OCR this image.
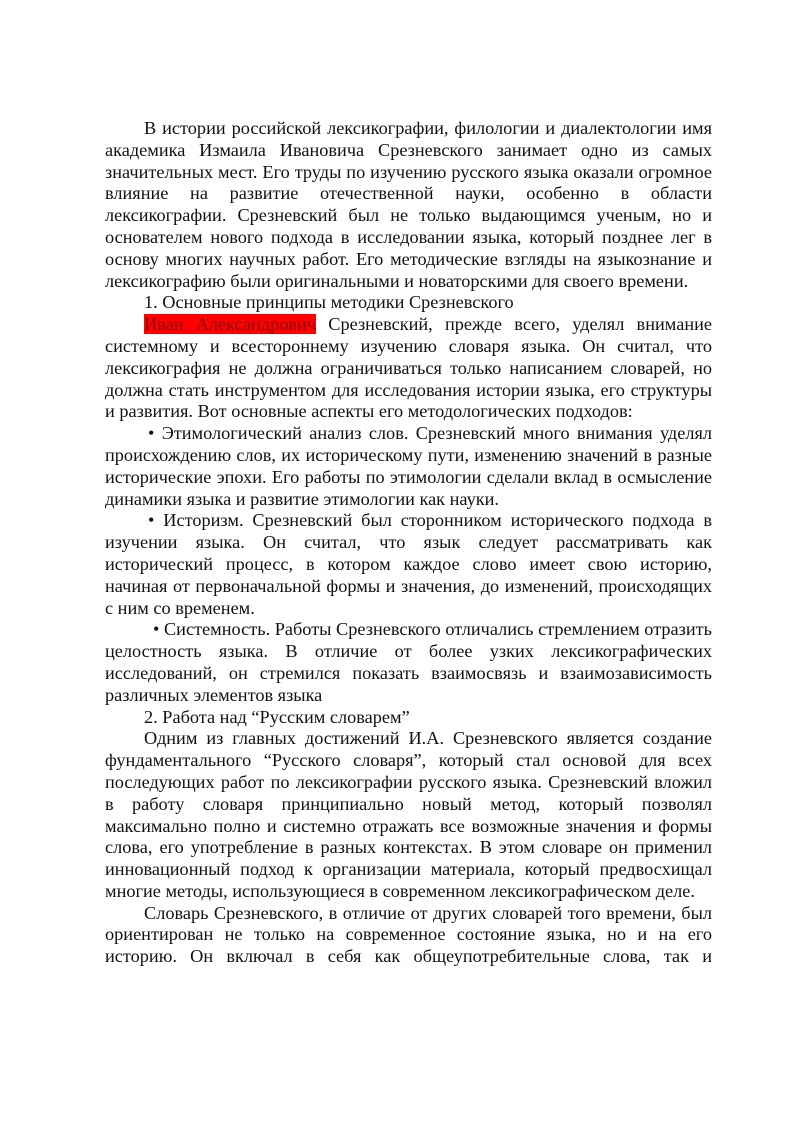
В истории российской лексикографии, филологии и диалектологии имя академика Измаила Ивановича Срезневского занимает одно из самых значительных мест. Его труды по изучению русского языка оказали огромное влияние на развитие отечественной науки, особенно в области лексикографии. Срезневский был не только выдающимся ученым, но и основателем нового подхода в исследовании языка, который позднее лег в основу многих научных работ. Его методические взгляды на языкознание и лексикографию были оригинальными и новаторскими для своего времени.

1. Основные принципы методики Срезневского

Иван Александрович Срезневский, прежде всего, уделял внимание системному и всестороннему изучению словаря языка. Он считал, что лексикография не должна ограничиваться только написанием словарей, но должна стать инструментом для исследования истории языка, его структуры и развития. Вот основные аспекты его методологических подходов:

• Этимологический анализ слов. Срезневский много внимания уделял происхождению слов, их историческому пути, изменению значений в разные исторические эпохи. Его работы по этимологии сделали вклад в осмысление динамики языка и развитие этимологии как науки.

• Историзм. Срезневский был сторонником исторического подхода в изучении языка. Он считал, что язык следует рассматривать как исторический процесс, в котором каждое слово имеет свою историю, начиная от первоначальной формы и значения, до изменений, происходящих с ним со временем.

• Системность. Работы Срезневского отличались стремлением отразить целостность языка. В отличие от более узких лексикографических исследований, он стремился показать взаимосвязь и взаимозависимость различных элементов языка

2. Работа над “Русским словарем”

Одним из главных достижений И.А. Срезневского является создание фундаментального “Русского словаря”, который стал основой для всех последующих работ по лексикографии русского языка. Срезневский вложил в работу словаря принципиально новый метод, который позволял максимально полно и системно отражать все возможные значения и формы слова, его употребление в разных контекстах. В этом словаре он применил инновационный подход к организации материала, который предвосхищал многие методы, использующиеся в современном лексикографическом деле.

Словарь Срезневского, в отличие от других словарей того времени, был ориентирован не только на современное состояние языка, но и на его историю. Он включал в себя как общеупотребительные слова, так и
